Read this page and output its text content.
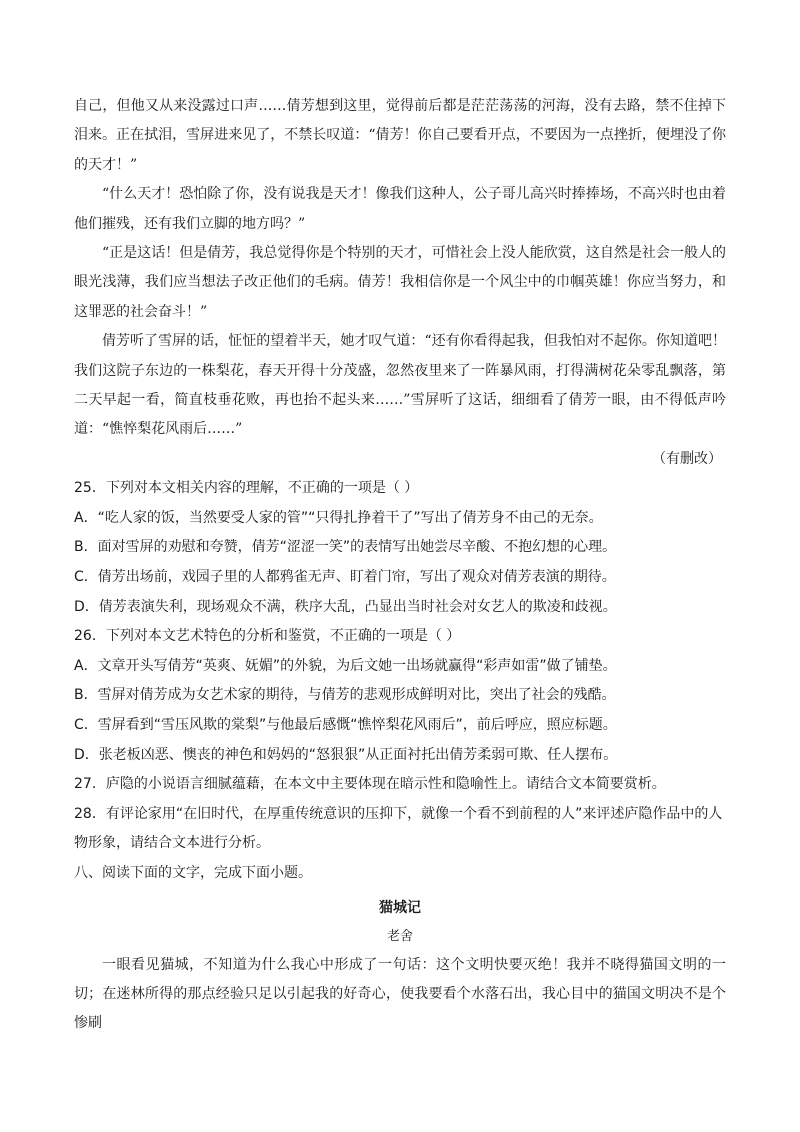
自己，但他又从来没露过口声……倩芳想到这里，觉得前后都是茫茫荡荡的河海，没有去路，禁不住掉下泪来。正在拭泪，雪屏进来见了，不禁长叹道：“倩芳！你自己要看开点，不要因为一点挫折，便埋没了你的天才！”

“什么天才！恐怕除了你，没有说我是天才！像我们这种人，公子哥儿高兴时捧捧场，不高兴时也由着他们摧残，还有我们立脚的地方吗？”

“正是这话！但是倩芳，我总觉得你是个特别的天才，可惜社会上没人能欣赏，这自然是社会一般人的眼光浅薄，我们应当想法子改正他们的毛病。倩芳！我相信你是一个风尘中的巾帼英雄！你应当努力，和这罪恶的社会奋斗！”

倩芳听了雪屏的话，怔怔的望着半天，她才叹气道：“还有你看得起我，但我怕对不起你。你知道吧！我们这院子东边的一株梨花，春天开得十分茂盛，忽然夜里来了一阵暴风雨，打得满树花朵零乱飘落，第二天早起一看，简直枝垂花败，再也抬不起头来……”雪屏听了这话，细细看了倩芳一眼，由不得低声吟道：“憔悴梨花风雨后……”

（有删改）

25．下列对本文相关内容的理解，不正确的一项是（ ）

A．“吃人家的饭，当然要受人家的管”“只得扎挣着干了”写出了倩芳身不由己的无奈。

B．面对雪屏的劝慰和夸赞，倩芳“涩涩一笑”的表情写出她尝尽辛酸、不抱幻想的心理。

C．倩芳出场前，戏园子里的人都鸦雀无声、盯着门帘，写出了观众对倩芳表演的期待。

D．倩芳表演失利，现场观众不满，秩序大乱，凸显出当时社会对女艺人的欺凌和歧视。

26．下列对本文艺术特色的分析和鉴赏，不正确的一项是（ ）

A．文章开头写倩芳“英爽、妩媚”的外貌，为后文她一出场就赢得“彩声如雷”做了铺垫。

B．雪屏对倩芳成为女艺术家的期待，与倩芳的悲观形成鲜明对比，突出了社会的残酷。

C．雪屏看到“雪压风欺的棠梨”与他最后感慨“憔悴梨花风雨后”，前后呼应，照应标题。

D．张老板凶恶、懊丧的神色和妈妈的“怒狠狠”从正面衬托出倩芳柔弱可欺、任人摆布。

27．庐隐的小说语言细腻蕴藉，在本文中主要体现在暗示性和隐喻性上。请结合文本简要赏析。

28．有评论家用“在旧时代，在厚重传统意识的压抑下，就像一个看不到前程的人”来评述庐隐作品中的人物形象，请结合文本进行分析。

八、阅读下面的文字，完成下面小题。

猫城记

老舍

一眼看见猫城，不知道为什么我心中形成了一句话：这个文明快要灭绝！我并不晓得猫国文明的一切；在迷林所得的那点经验只足以引起我的好奇心，使我要看个水落石出，我心目中的猫国文明决不是个惨刷
